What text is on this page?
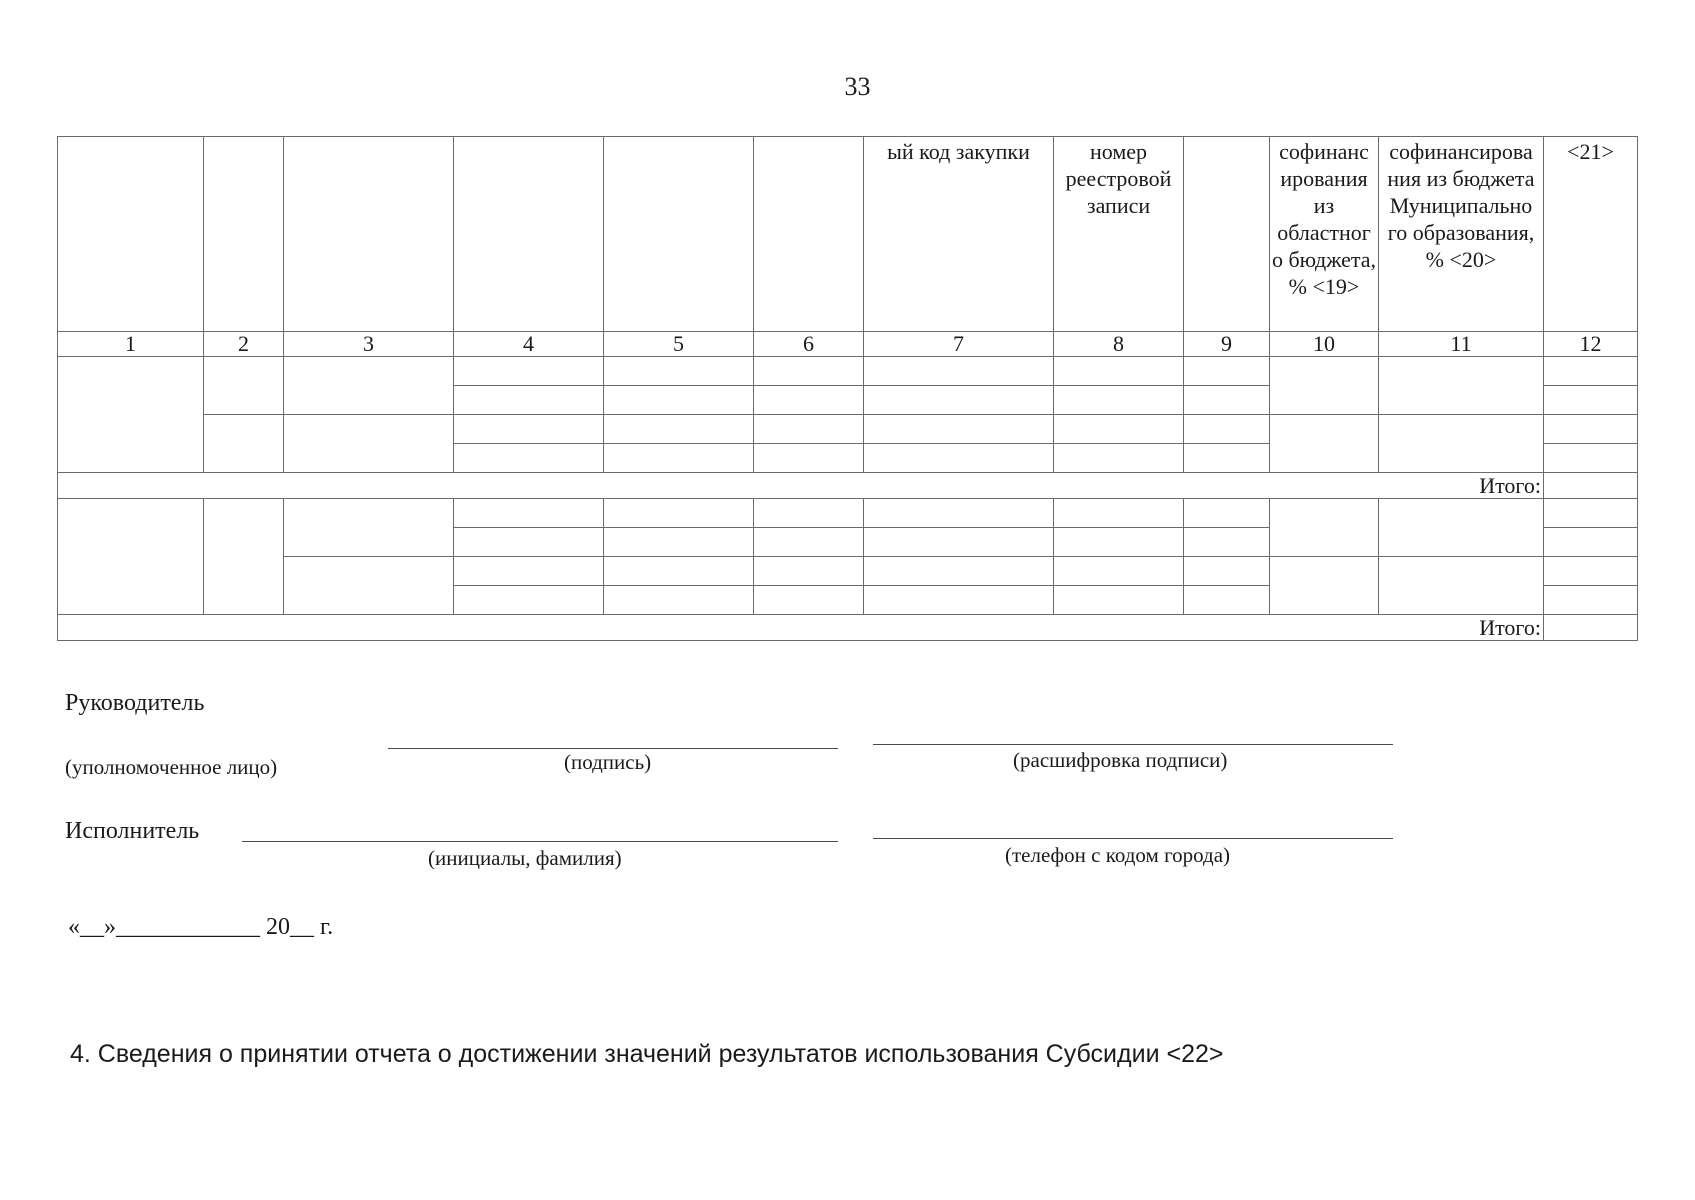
33
						ый код закупки	номер реестровой записи		софинанс ирования из областног о бюджета, % <19>	софинансирова ния из бюджета Муниципально го образования, % <20>	<21>
1	2	3	4	5	6	7	8	9	10	11	12

Итого:											

Итого:											
Руководитель
(уполномоченное лицо)	(подпись)	(расшифровка подписи)
Исполнитель
(инициалы, фамилия)	(телефон с кодом города)
«__»____________ 20__ г.
4. Сведения о принятии отчета о достижении значений результатов использования Субсидии <22>
